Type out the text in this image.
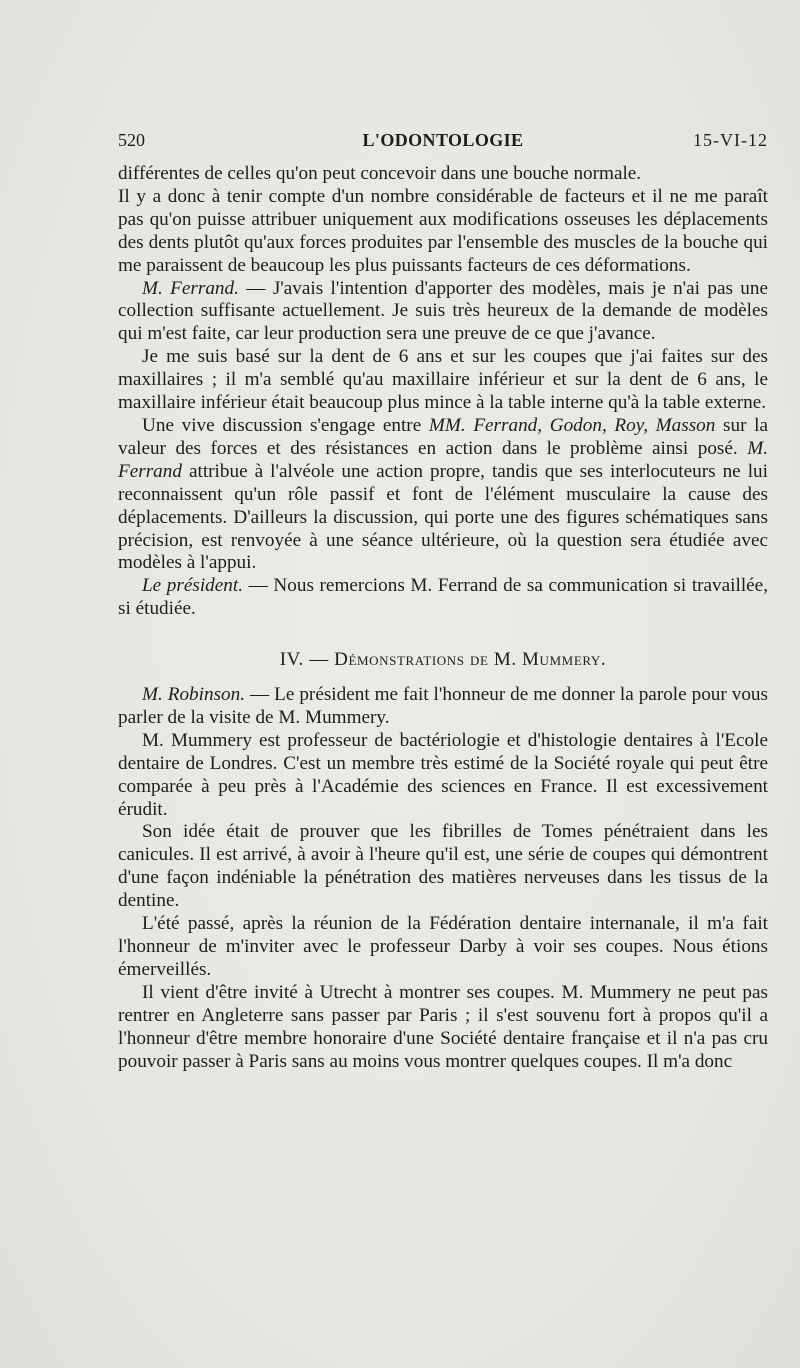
520	L'ODONTOLOGIE	15-VI-12

différentes de celles qu'on peut concevoir dans une bouche normale.

Il y a donc à tenir compte d'un nombre considérable de facteurs et il ne me paraît pas qu'on puisse attribuer uniquement aux modifications osseuses les déplacements des dents plutôt qu'aux forces produites par l'ensemble des muscles de la bouche qui me paraissent de beaucoup les plus puissants facteurs de ces déformations.

M. Ferrand. — J'avais l'intention d'apporter des modèles, mais je n'ai pas une collection suffisante actuellement. Je suis très heureux de la demande de modèles qui m'est faite, car leur production sera une preuve de ce que j'avance.

Je me suis basé sur la dent de 6 ans et sur les coupes que j'ai faites sur des maxillaires ; il m'a semblé qu'au maxillaire inférieur et sur la dent de 6 ans, le maxillaire inférieur était beaucoup plus mince à la table interne qu'à la table externe.

Une vive discussion s'engage entre MM. Ferrand, Godon, Roy, Masson sur la valeur des forces et des résistances en action dans le problème ainsi posé. M. Ferrand attribue à l'alvéole une action propre, tandis que ses interlocuteurs ne lui reconnaissent qu'un rôle passif et font de l'élément musculaire la cause des déplacements. D'ailleurs la discussion, qui porte une des figures schématiques sans précision, est renvoyée à une séance ultérieure, où la question sera étudiée avec modèles à l'appui.

Le président. — Nous remercions M. Ferrand de sa communication si travaillée, si étudiée.

IV. — Démonstrations de M. Mummery.

M. Robinson. — Le président me fait l'honneur de me donner la parole pour vous parler de la visite de M. Mummery.

M. Mummery est professeur de bactériologie et d'histologie dentaires à l'Ecole dentaire de Londres. C'est un membre très estimé de la Société royale qui peut être comparée à peu près à l'Académie des sciences en France. Il est excessivement érudit.

Son idée était de prouver que les fibrilles de Tomes pénétraient dans les canicules. Il est arrivé, à avoir à l'heure qu'il est, une série de coupes qui démontrent d'une façon indéniable la pénétration des matières nerveuses dans les tissus de la dentine.

L'été passé, après la réunion de la Fédération dentaire internanale, il m'a fait l'honneur de m'inviter avec le professeur Darby à voir ses coupes. Nous étions émerveillés.

Il vient d'être invité à Utrecht à montrer ses coupes. M. Mummery ne peut pas rentrer en Angleterre sans passer par Paris ; il s'est souvenu fort à propos qu'il a l'honneur d'être membre honoraire d'une Société dentaire française et il n'a pas cru pouvoir passer à Paris sans au moins vous montrer quelques coupes. Il m'a donc
